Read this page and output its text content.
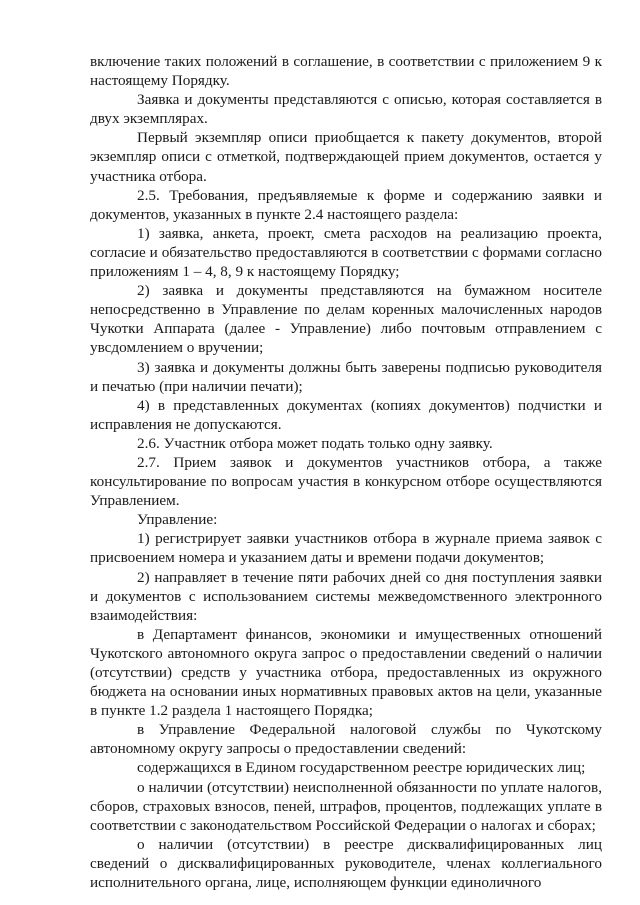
включение таких положений в соглашение, в соответствии с приложением 9 к настоящему Порядку.

Заявка и документы представляются с описью, которая составляется в двух экземплярах.

Первый экземпляр описи приобщается к пакету документов, второй экземпляр описи с отметкой, подтверждающей прием документов, остается у участника отбора.

2.5. Требования, предъявляемые к форме и содержанию заявки и документов, указанных в пункте 2.4 настоящего раздела:

1) заявка, анкета, проект, смета расходов на реализацию проекта, согласие и обязательство предоставляются в соответствии с формами согласно приложениям 1 – 4, 8, 9 к настоящему Порядку;

2) заявка и документы представляются на бумажном носителе непосредственно в Управление по делам коренных малочисленных народов Чукотки Аппарата (далее - Управление) либо почтовым отправлением с увсдомлением о вручении;

3) заявка и документы должны быть заверены подписью руководителя и печатью (при наличии печати);

4) в представленных документах (копиях документов) подчистки и исправления не допускаются.

2.6. Участник отбора может подать только одну заявку.

2.7. Прием заявок и документов участников отбора, а также консультирование по вопросам участия в конкурсном отборе осуществляются Управлением.

Управление:

1) регистрирует заявки участников отбора в журнале приема заявок с присвоением номера и указанием даты и времени подачи документов;

2) направляет в течение пяти рабочих дней со дня поступления заявки и документов с использованием системы межведомственного электронного взаимодействия:

в Департамент финансов, экономики и имущественных отношений Чукотского автономного округа запрос о предоставлении сведений о наличии (отсутствии) средств у участника отбора, предоставленных из окружного бюджета на основании иных нормативных правовых актов на цели, указанные в пункте 1.2 раздела 1 настоящего Порядка;

в Управление Федеральной налоговой службы по Чукотскому автономному округу запросы о предоставлении сведений:

содержащихся в Едином государственном реестре юридических лиц;

о наличии (отсутствии) неисполненной обязанности по уплате налогов, сборов, страховых взносов, пеней, штрафов, процентов, подлежащих уплате в соответствии с законодательством Российской Федерации о налогах и сборах;

о наличии (отсутствии) в реестре дисквалифицированных лиц сведений о дисквалифицированных руководителе, членах коллегиального исполнительного органа, лице, исполняющем функции единоличного
